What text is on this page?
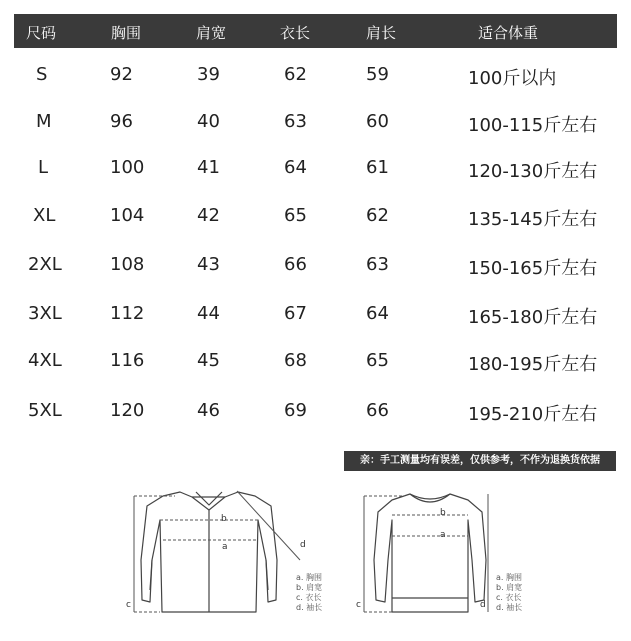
尺码	胸围	肩宽	衣长	肩长	适合体重
S	92	39	62	59	100斤以内
M	96	40	63	60	100-115斤左右
L	100	41	64	61	120-130斤左右
XL	104	42	65	62	135-145斤左右
2XL	108	43	66	63	150-165斤左右
3XL	112	44	67	64	165-180斤左右
4XL	116	45	68	65	180-195斤左右
5XL	120	46	69	66	195-210斤左右
亲：手工测量均有误差，仅供参考，不作为退换货依据
b
a
c
d
b
a
c	d
a. 胸围
b. 肩宽
c. 衣长
d. 袖长
a. 胸围
b. 肩宽
c. 衣长
d. 袖长
